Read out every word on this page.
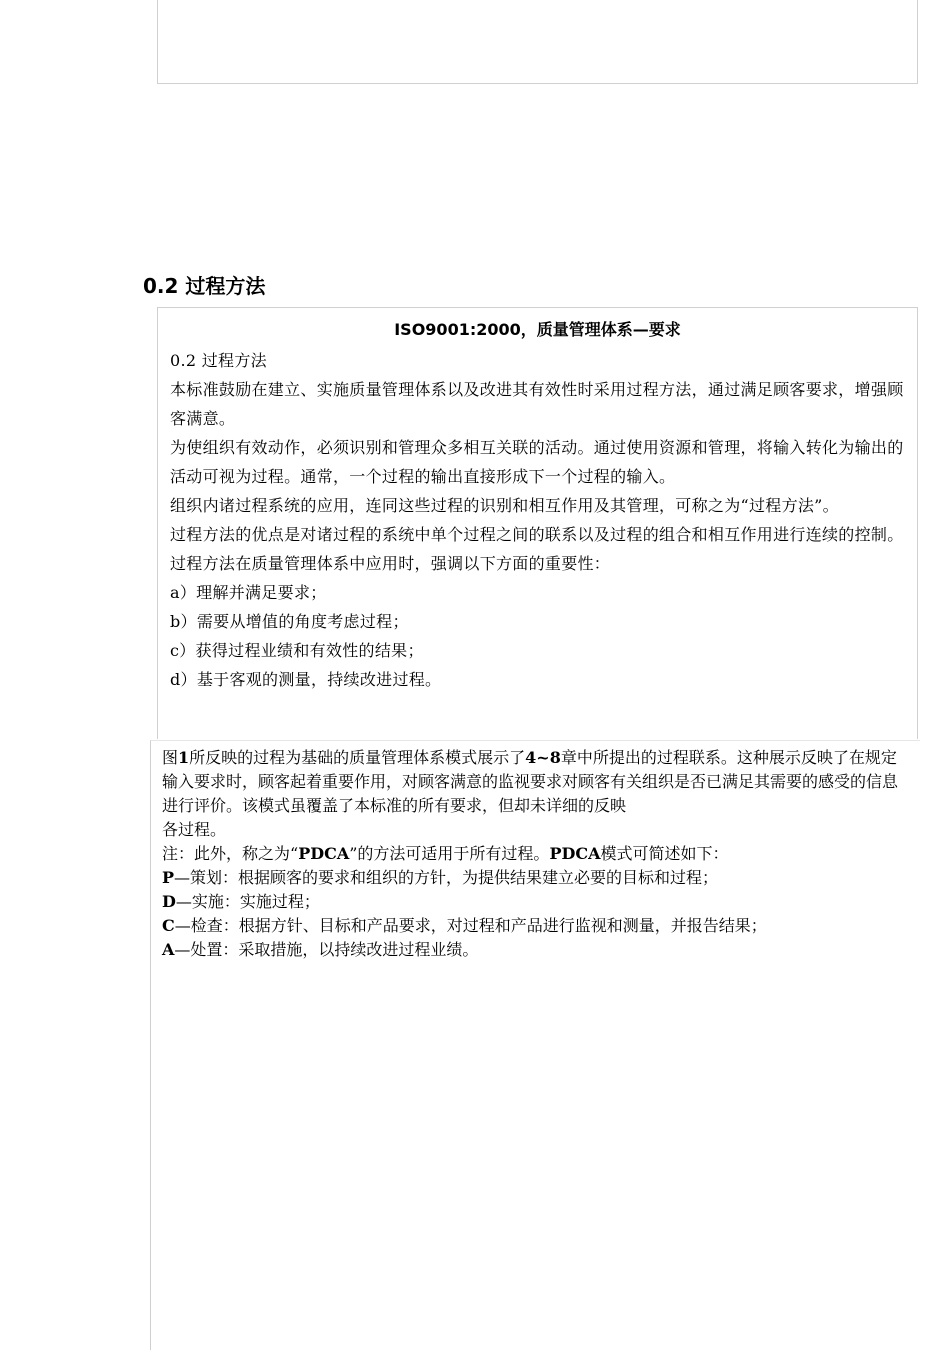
0.2 过程方法
ISO9001:2000，质量管理体系—要求

0.2 过程方法

本标准鼓励在建立、实施质量管理体系以及改进其有效性时采用过程方法，通过满足顾客要求，增强顾客满意。

为使组织有效动作，必须识别和管理众多相互关联的活动。通过使用资源和管理，将输入转化为输出的活动可视为过程。通常，一个过程的输出直接形成下一个过程的输入。

组织内诸过程系统的应用，连同这些过程的识别和相互作用及其管理，可称之为“过程方法”。

过程方法的优点是对诸过程的系统中单个过程之间的联系以及过程的组合和相互作用进行连续的控制。

过程方法在质量管理体系中应用时，强调以下方面的重要性：

a）理解并满足要求；

b）需要从增值的角度考虑过程；

c）获得过程业绩和有效性的结果；

d）基于客观的测量，持续改进过程。

图1所反映的过程为基础的质量管理体系模式展示了4~8章中所提出的过程联系。这种展示反映了在规定输入要求时，顾客起着重要作用，对顾客满意的监视要求对顾客有关组织是否已满足其需要的感受的信息进行评价。该模式虽覆盖了本标准的所有要求，但却未详细的反映

各过程。

注：此外，称之为“PDCA”的方法可适用于所有过程。PDCA模式可简述如下：

P—策划：根据顾客的要求和组织的方针，为提供结果建立必要的目标和过程；

D—实施：实施过程；

C—检查：根据方针、目标和产品要求，对过程和产品进行监视和测量，并报告结果；

A—处置：采取措施，以持续改进过程业绩。
